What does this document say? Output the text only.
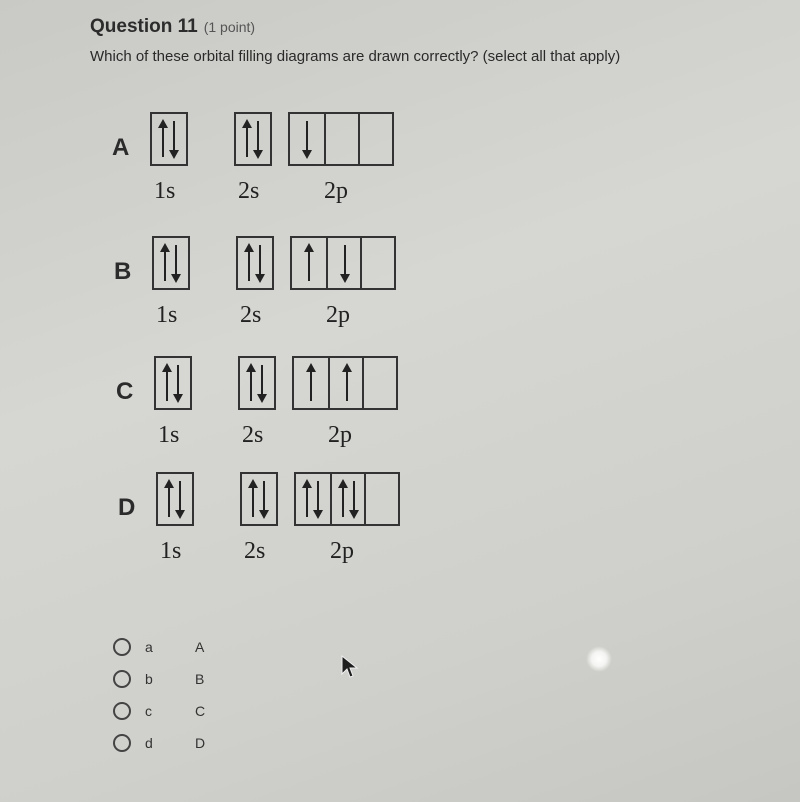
Question 11 (1 point)
Which of these orbital filling diagrams are drawn correctly? (select all that apply)
A
1s	2s	2p
B
1s	2s	2p
C
1s	2s	2p
D
1s	2s	2p
a	A
b	B
c	C
d	D
